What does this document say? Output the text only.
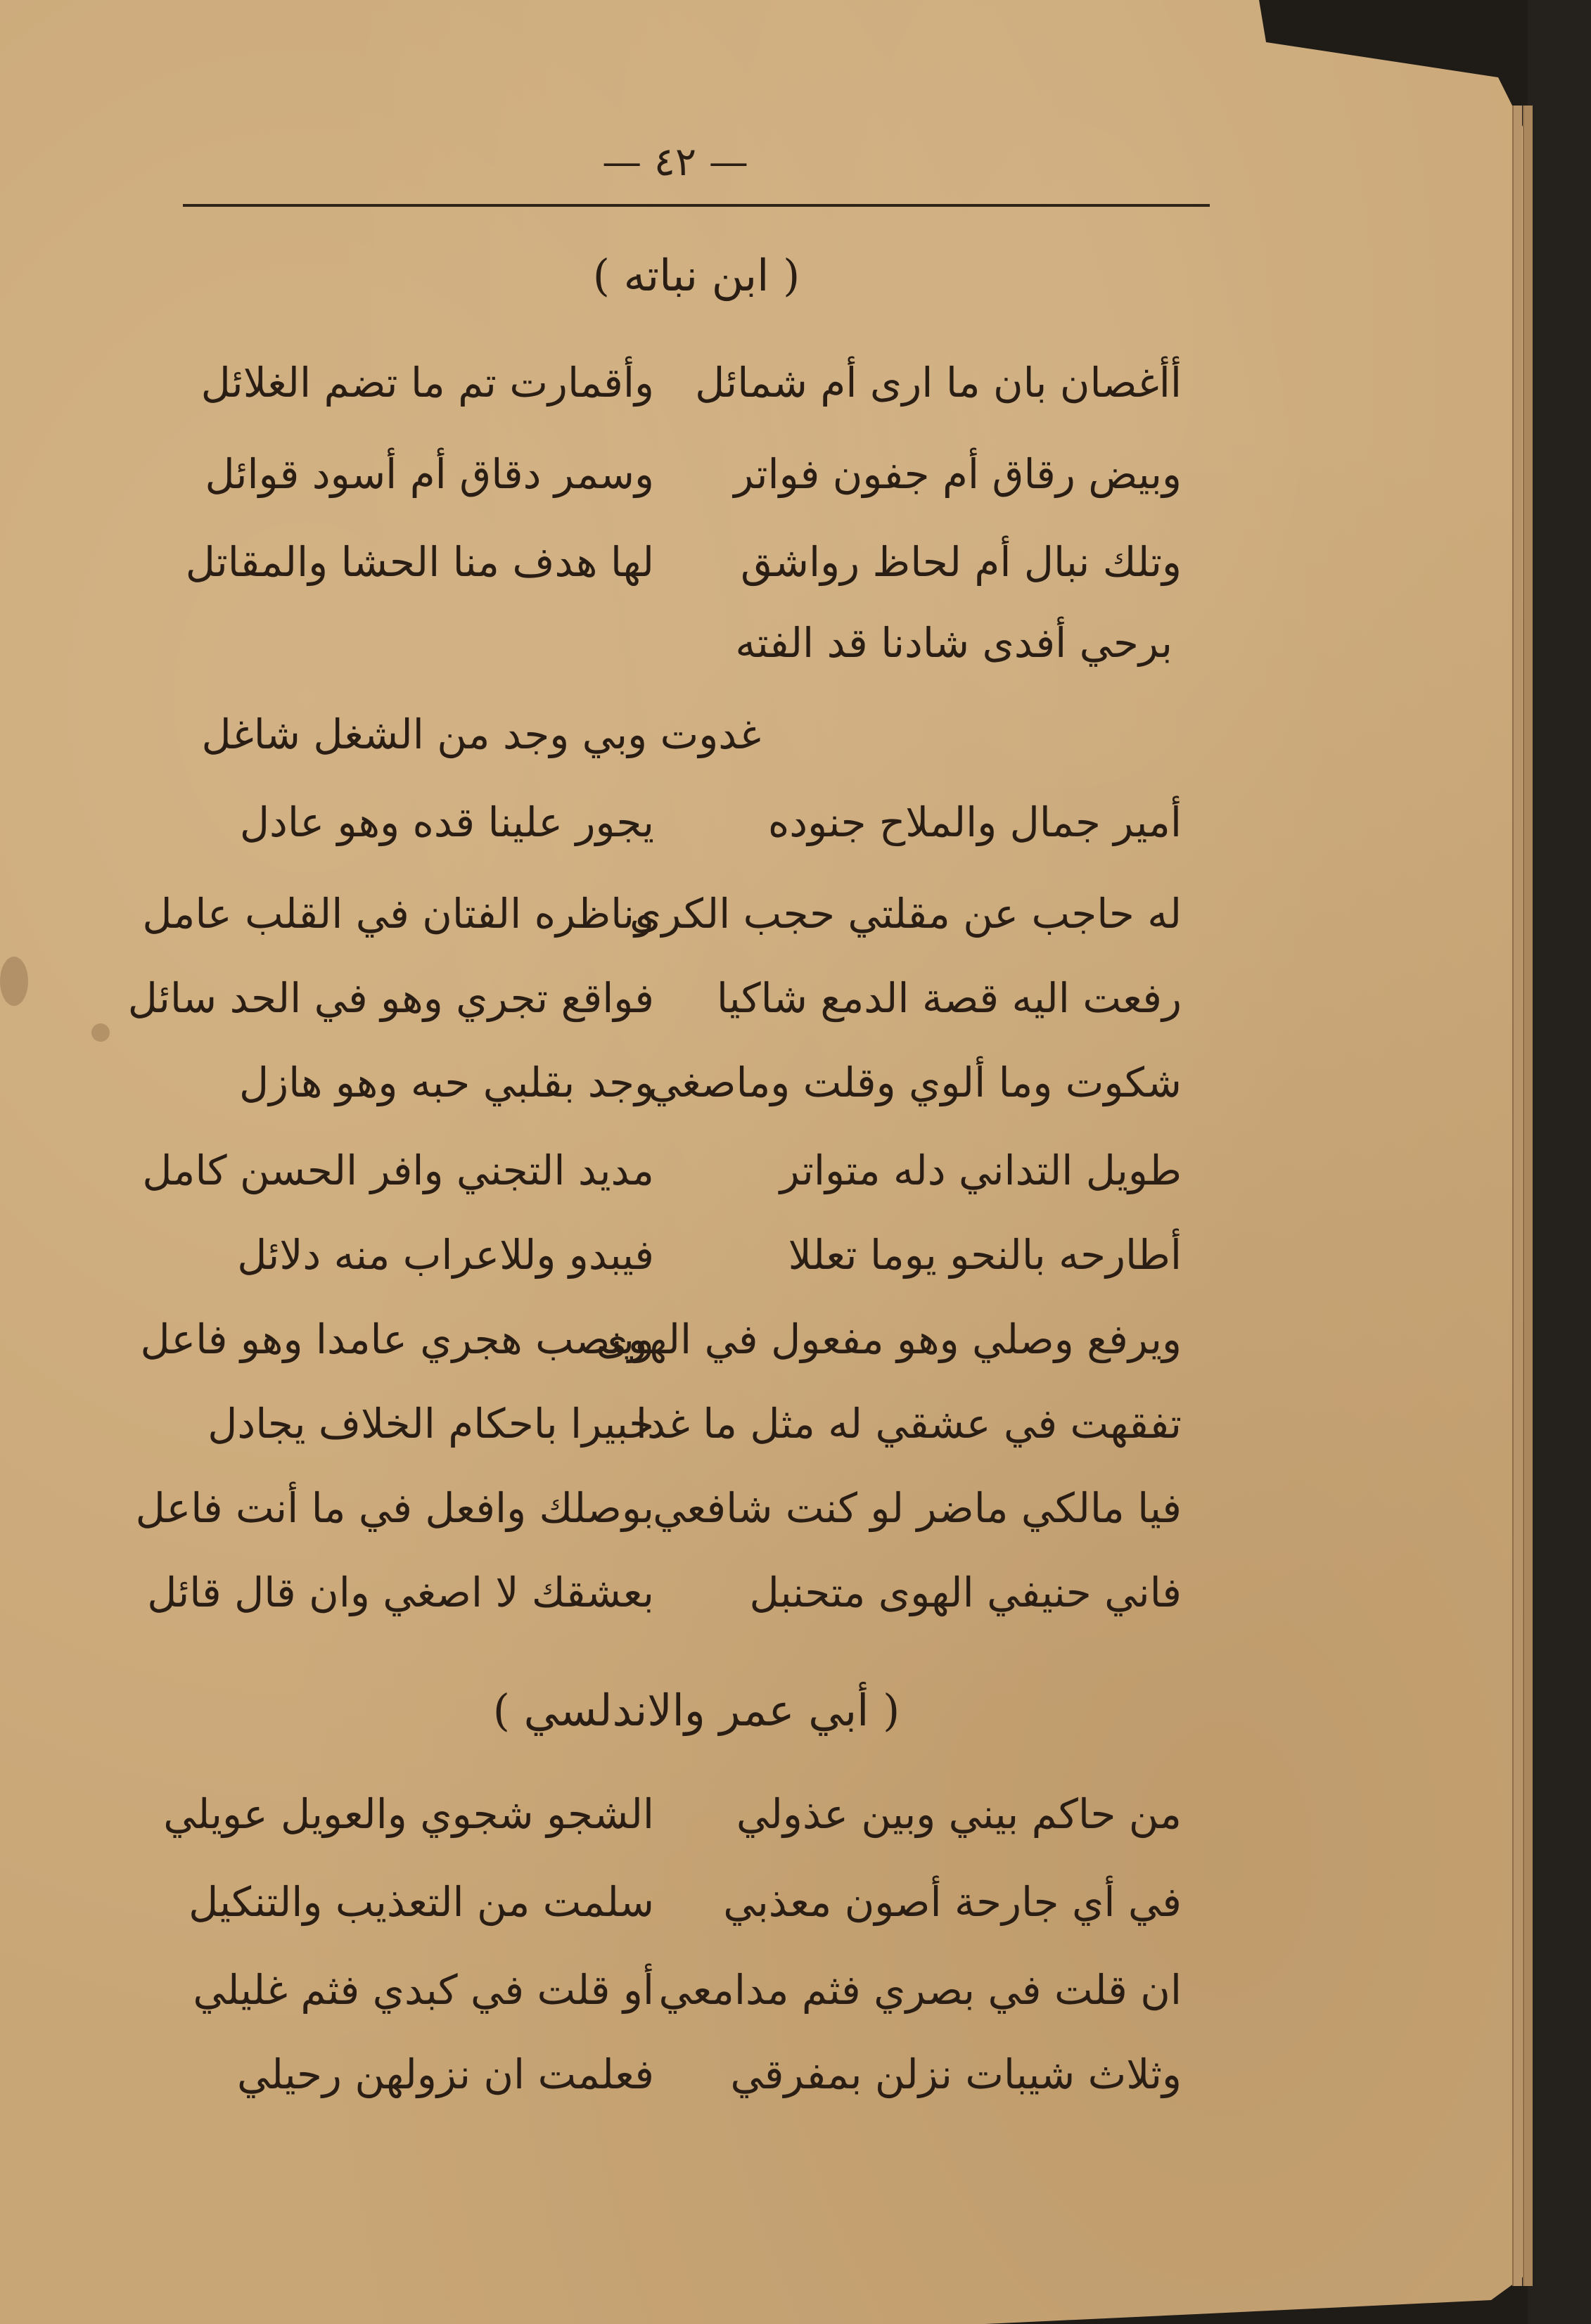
— ٤٢ —
( ابن نباته )
أأغصان بان ما ارى أم شمائل
وأقمارت تم ما تضم الغلائل
وبيض رقاق أم جفون فواتر
وسمر دقاق أم أسود قوائل
وتلك نبال أم لحاظ رواشق
لها هدف منا الحشا والمقاتل
برحي أفدى شادنا قد الفته
غدوت وبي وجد من الشغل شاغل
أمير جمال والملاح جنوده
يجور علينا قده وهو عادل
له حاجب عن مقلتي حجب الكرى
وناظره الفتان في القلب عامل
رفعت اليه قصة الدمع شاكيا
فواقع تجري وهو في الحد سائل
شكوت وما ألوي وقلت وماصغي
وجد بقلبي حبه وهو هازل
طويل التداني دله متواتر
مديد التجني وافر الحسن كامل
أطارحه بالنحو يوما تعللا
فيبدو وللاعراب منه دلائل
ويرفع وصلي وهو مفعول في الهوى
وينصب هجري عامدا وهو فاعل
تفقهت في عشقي له مثل ما غدا
خبيرا باحكام الخلاف يجادل
فيا مالكي ماضر لو كنت شافعي
بوصلك وافعل في ما أنت فاعل
فاني حنيفي الهوى متحنبل
بعشقك لا اصغي وان قال قائل
( أبي عمر والاندلسي )
من حاكم بيني وبين عذولي
الشجو شجوي والعويل عويلي
في أي جارحة أصون معذبي
سلمت من التعذيب والتنكيل
ان قلت في بصري فثم مدامعي
أو قلت في كبدي فثم غليلي
وثلاث شيبات نزلن بمفرقي
فعلمت ان نزولهن رحيلي
